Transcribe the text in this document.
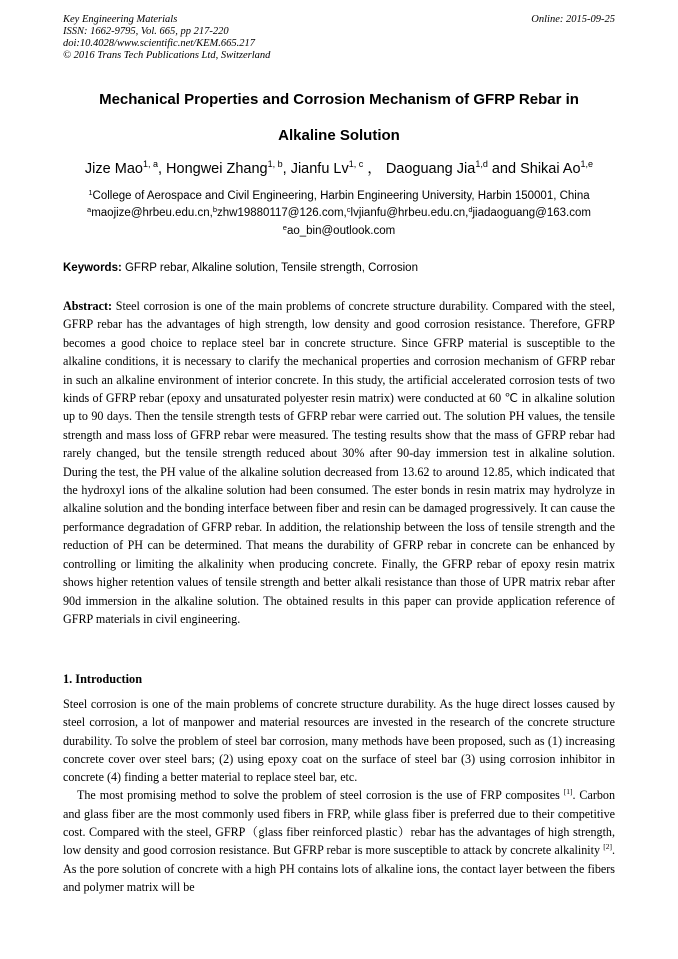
Key Engineering Materials
ISSN: 1662-9795, Vol. 665, pp 217-220
doi:10.4028/www.scientific.net/KEM.665.217
© 2016 Trans Tech Publications Ltd, Switzerland
Online: 2015-09-25
Mechanical Properties and Corrosion Mechanism of GFRP Rebar in
Alkaline Solution
Jize Mao$^{1, a}$, Hongwei Zhang$^{1, b}$, Jianfu Lv$^{1, c}$ ， Daoguang Jia$^{1,d}$ and Shikai Ao$^{1,e}$
$^1$College of Aerospace and Civil Engineering, Harbin Engineering University, Harbin 150001, China
$^a$maojize@hrbeu.edu.cn,$^b$zhw19880117@126.com,$^c$lvjianfu@hrbeu.edu.cn,$^d$jiadaoguang@163.com
$^e$ao_bin@outlook.com
Keywords: GFRP rebar, Alkaline solution, Tensile strength, Corrosion
Abstract: Steel corrosion is one of the main problems of concrete structure durability. Compared with the steel, GFRP rebar has the advantages of high strength, low density and good corrosion resistance. Therefore, GFRP becomes a good choice to replace steel bar in concrete structure. Since GFRP material is susceptible to the alkaline conditions, it is necessary to clarify the mechanical properties and corrosion mechanism of GFRP rebar in such an alkaline environment of interior concrete. In this study, the artificial accelerated corrosion tests of two kinds of GFRP rebar (epoxy and unsaturated polyester resin matrix) were conducted at 60 ℃ in alkaline solution up to 90 days. Then the tensile strength tests of GFRP rebar were carried out. The solution PH values, the tensile strength and mass loss of GFRP rebar were measured. The testing results show that the mass of GFRP rebar had rarely changed, but the tensile strength reduced about 30% after 90-day immersion test in alkaline solution. During the test, the PH value of the alkaline solution decreased from 13.62 to around 12.85, which indicated that the hydroxyl ions of the alkaline solution had been consumed. The ester bonds in resin matrix may hydrolyze in alkaline solution and the bonding interface between fiber and resin can be damaged progressively. It can cause the performance degradation of GFRP rebar. In addition, the relationship between the loss of tensile strength and the reduction of PH can be determined. That means the durability of GFRP rebar in concrete can be enhanced by controlling or limiting the alkalinity when producing concrete. Finally, the GFRP rebar of epoxy resin matrix shows higher retention values of tensile strength and better alkali resistance than those of UPR matrix rebar after 90d immersion in the alkaline solution. The obtained results in this paper can provide application reference of GFRP materials in civil engineering.
1. Introduction

Steel corrosion is one of the main problems of concrete structure durability. As the huge direct losses caused by steel corrosion, a lot of manpower and material resources are invested in the research of the concrete structure durability. To solve the problem of steel bar corrosion, many methods have been proposed, such as (1) increasing concrete cover over steel bars; (2) using epoxy coat on the surface of steel bar (3) using corrosion inhibitor in concrete (4) finding a better material to replace steel bar, etc.

The most promising method to solve the problem of steel corrosion is the use of FRP composites [1]. Carbon and glass fiber are the most commonly used fibers in FRP, while glass fiber is preferred due to their competitive cost. Compared with the steel, GFRP（glass fiber reinforced plastic）rebar has the advantages of high strength, low density and good corrosion resistance. But GFRP rebar is more susceptible to attack by concrete alkalinity [2]. As the pore solution of concrete with a high PH contains lots of alkaline ions, the contact layer between the fibers and polymer matrix will be
